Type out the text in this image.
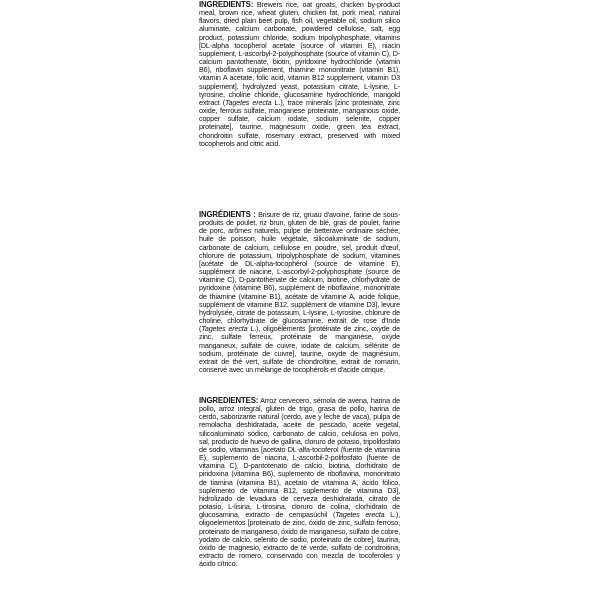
INGREDIENTS: Brewers rice, oat groats, chicken by-product meal, brown rice, wheat gluten, chicken fat, pork meal, natural flavors, dried plain beet pulp, fish oil, vegetable oil, sodium silico aluminate, calcium carbonate, powdered cellulose, salt, egg product, potassium chloride, sodium tripolyphosphate, vitamins [DL-alpha tocopherol acetate (source of vitamin E), niacin supplement, L-ascorbyl-2-polyphosphate (source of vitamin C), D-calcium pantothenate, biotin, pyridoxine hydrochloride (vitamin B6), riboflavin supplement, thiamine mononitrate (vitamin B1), vitamin A acetate, folic acid, vitamin B12 supplement, vitamin D3 supplement], hydrolyzed yeast, potassium citrate, L-lysine, L-tyrosine, choline chloride, glucosamine hydrochloride, marigold extract (Tagetes erecta L.), trace minerals [zinc proteinate, zinc oxide, ferrous sulfate, manganese proteinate, manganous oxide, copper sulfate, calcium iodate, sodium selenite, copper proteinate], taurine, magnesium oxide, green tea extract, chondroitin sulfate, rosemary extract, preserved with mixed tocopherols and citric acid.
INGRÉDIENTS : Brisure de riz, gruau d'avoine, farine de sous-produits de poulet, riz brun, gluten de blé, gras de poulet, farine de porc, arômes naturels, pulpe de betterave ordinaire séchée, huile de poisson, huile végétale, silicoaluminate de sodium, carbonate de calcium, cellulose en poudre, sel, produit d'œuf, chlorure de potassium, tripolyphosphate de sodium, vitamines [acétate de DL-alpha-tocophérol (source de vitamine E), supplément de niacine, L-ascorbyl-2-polyphosphate (source de vitamine C), D-pantothénate de calcium, biotine, chlorhydrate de pyridoxine (vitamine B6), supplément de riboflavine, mononitrate de thiamine (vitamine B1), acétate de vitamine A, acide folique, supplément de vitamine B12, supplément de vitamine D3], levure hydrolysée, citrate de potassium, L-lysine, L-tyrosine, chlorure de choline, chlorhydrate de glucosamine, extrait de rose d'Inde (Tagetes erecta L.), oligoéléments [protéinate de zinc, oxyde de zinc, sulfate ferreux, protéinate de manganèse, oxyde manganeux, sulfate de cuivre, iodate de calcium, sélénite de sodium, protéinate de cuivre], taurine, oxyde de magnésium, extrait de thé vert, sulfate de chondroïtine, extrait de romarin, conservé avec un mélange de tocophérols et d'acide citrique.
INGREDIENTES: Arroz cervecero, sémola de avena, harina de pollo, arroz integral, gluten de trigo, grasa de pollo, harina de cerdo, saborizante natural (cerdo, ave y leche de vaca), pulpa de remolacha deshidratada, aceite de pescado, aceite vegetal, silicoaluminato sódico, carbonato de calcio, celulosa en polvo, sal, producto de huevo de gallina, cloruro de potasio, tripolifosfato de sodio, vitaminas [acetato DL-alfa-tocoferol (fuente de vitamina E), suplemento de niacina, L-ascorbil-2-polifosfato (fuente de vitamina C), D-pantotenato de calcio, biotina, clorhidrato de piridoxina (vitamina B6), suplemento de riboflavina, mononitrato de tiamina (vitamina B1), acetato de vitamina A, ácido fólico, suplemento de vitamina B12, suplemento de vitamina D3], hidrolizado de levadura de cerveza deshidratada, citrato de potasio, L-lisina, L-tirosina, cloruro de colina, clorhidrato de glucosamina, extracto de cempasúchil (Tagetes erecta L.), oligoelementos [proteinato de zinc, óxido de zinc, sulfato ferroso, proteinato de manganeso, óxido de manganeso, sulfato de cobre, yodato de calcio, selenito de sodio, proteinato de cobre], taurina, óxido de magnesio, extracto de té verde, sulfato de condroitina, extracto de romero, conservado con mezcla de tocoferoles y ácido cítrico.
